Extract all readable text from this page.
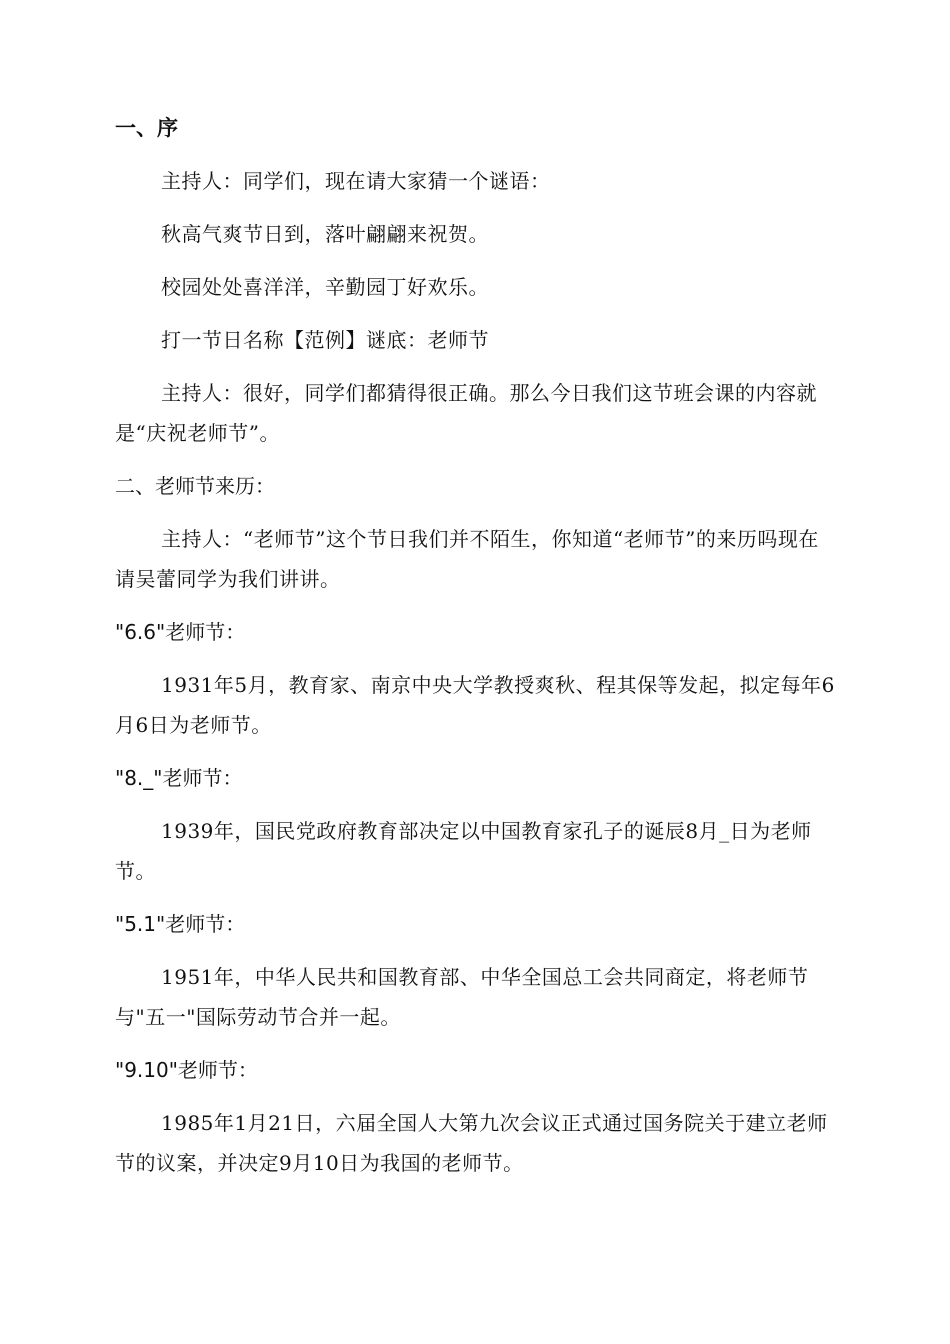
一、序
主持人：同学们，现在请大家猜一个谜语：
秋高气爽节日到，落叶翩翩来祝贺。
校园处处喜洋洋，辛勤园丁好欢乐。
打一节日名称【范例】谜底：老师节
主持人：很好，同学们都猜得很正确。那么今日我们这节班会课的内容就是“庆祝老师节”。
二、老师节来历：
主持人：“老师节”这个节日我们并不陌生，你知道“老师节”的来历吗现在请吴蕾同学为我们讲讲。
"6.6"老师节：
1931年5月，教育家、南京中央大学教授爽秋、程其保等发起，拟定每年6月6日为老师节。
"8._"老师节：
1939年，国民党政府教育部决定以中国教育家孔子的诞辰8月_日为老师节。
"5.1"老师节：
1951年，中华人民共和国教育部、中华全国总工会共同商定，将老师节与"五一"国际劳动节合并一起。
"9.10"老师节：
1985年1月21日，六届全国人大第九次会议正式通过国务院关于建立老师节的议案，并决定9月10日为我国的老师节。
